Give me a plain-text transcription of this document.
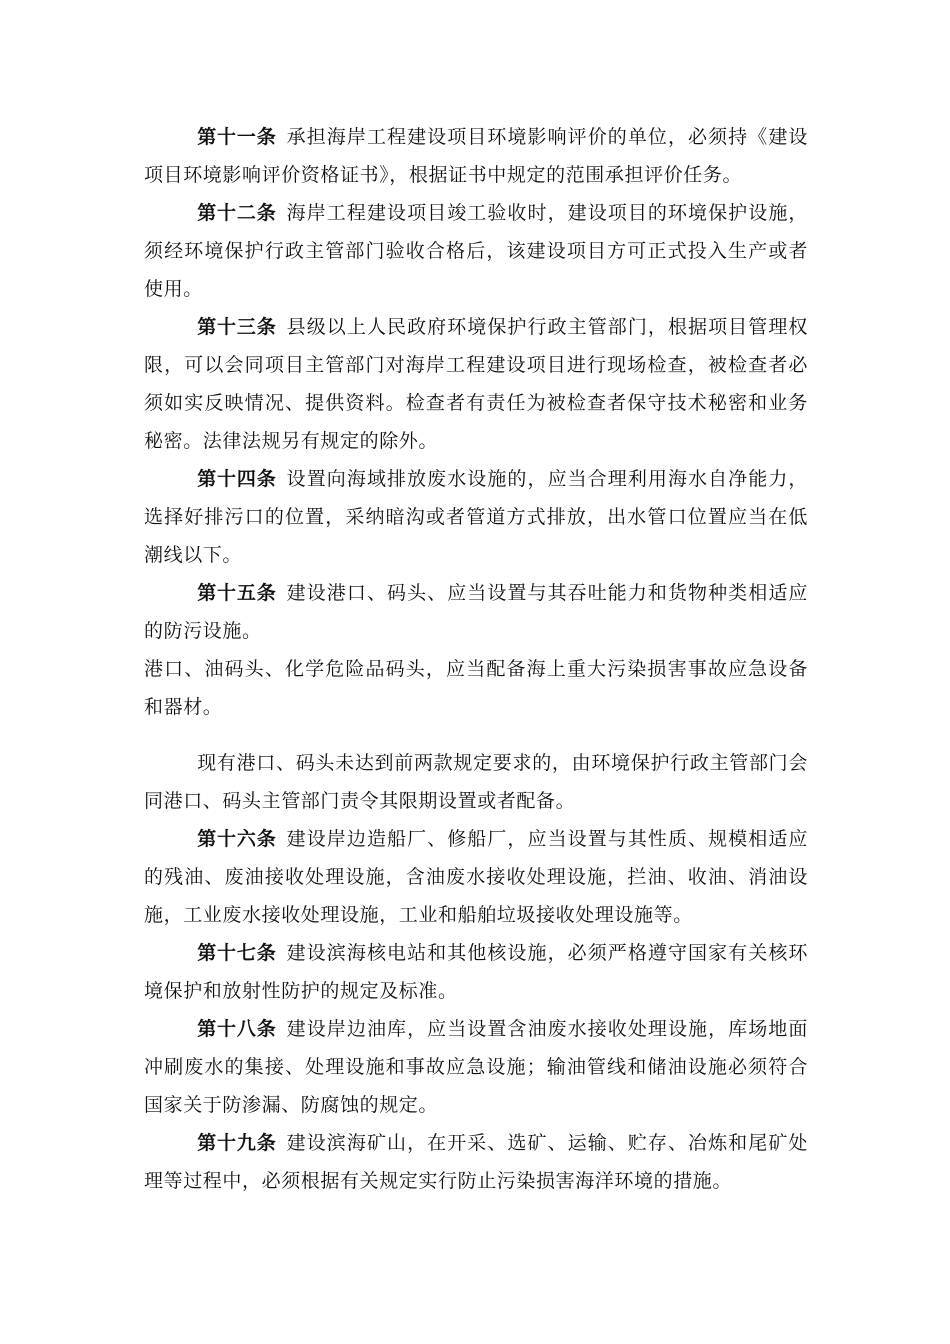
第十一条 承担海岸工程建设项目环境影响评价的单位，必须持《建设项目环境影响评价资格证书》，根据证书中规定的范围承担评价任务。

第十二条 海岸工程建设项目竣工验收时，建设项目的环境保护设施，须经环境保护行政主管部门验收合格后，该建设项目方可正式投入生产或者使用。

第十三条 县级以上人民政府环境保护行政主管部门，根据项目管理权限，可以会同项目主管部门对海岸工程建设项目进行现场检查，被检查者必须如实反映情况、提供资料。检查者有责任为被检查者保守技术秘密和业务秘密。法律法规另有规定的除外。

第十四条 设置向海域排放废水设施的，应当合理利用海水自净能力，选择好排污口的位置，采纳暗沟或者管道方式排放，出水管口位置应当在低潮线以下。

第十五条 建设港口、码头、应当设置与其吞吐能力和货物种类相适应的防污设施。

港口、油码头、化学危险品码头，应当配备海上重大污染损害事故应急设备和器材。

现有港口、码头未达到前两款规定要求的，由环境保护行政主管部门会同港口、码头主管部门责令其限期设置或者配备。

第十六条 建设岸边造船厂、修船厂，应当设置与其性质、规模相适应的残油、废油接收处理设施，含油废水接收处理设施，拦油、收油、消油设施，工业废水接收处理设施，工业和船舶垃圾接收处理设施等。

第十七条 建设滨海核电站和其他核设施，必须严格遵守国家有关核环境保护和放射性防护的规定及标准。

第十八条 建设岸边油库，应当设置含油废水接收处理设施，库场地面冲刷废水的集接、处理设施和事故应急设施；输油管线和储油设施必须符合国家关于防渗漏、防腐蚀的规定。

第十九条 建设滨海矿山，在开采、选矿、运输、贮存、冶炼和尾矿处理等过程中，必须根据有关规定实行防止污染损害海洋环境的措施。
